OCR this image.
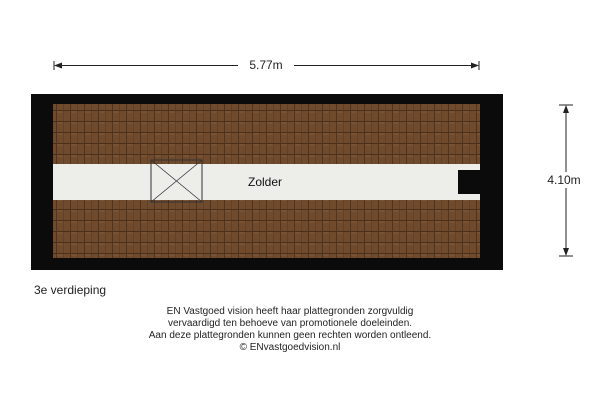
5.77m
4.10m
Zolder
3e verdieping
EN Vastgoed vision heeft haar plattegronden zorgvuldig
vervaardigd ten behoeve van promotionele doeleinden.
Aan deze plattegronden kunnen geen rechten worden ontleend.
© ENvastgoedvision.nl
